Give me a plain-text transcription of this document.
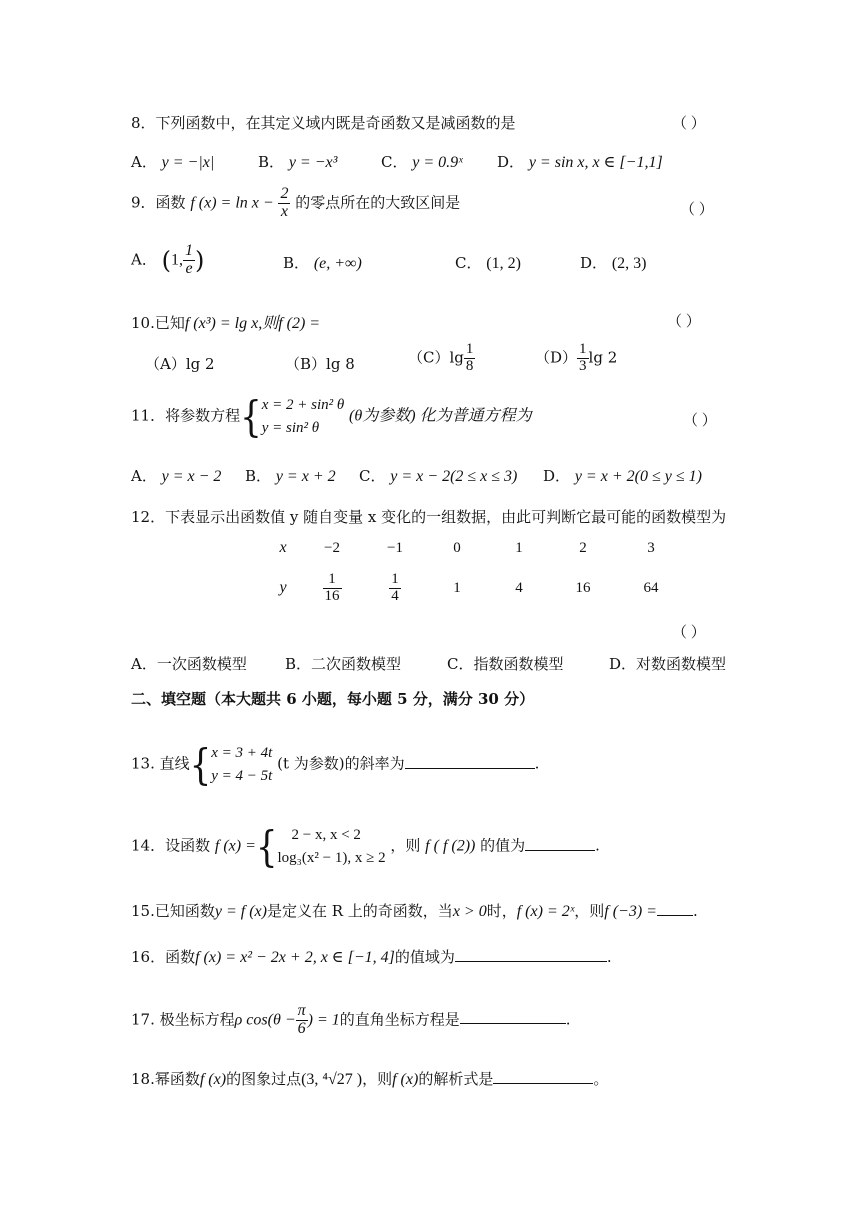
8．下列函数中，在其定义域内既是奇函数又是减函数的是	（ ）
A． y = −|x|	B． y = −x³	C． y = 0.9ˣ D． y = sin x, x ∈ [−1,1]
9．函数 f $(x) = \ln x - \frac{2}{x}$ 的零点所在的大致区间是	（ ）
A． (1, $\frac{1}{e}$ )	B． (e, +∞)	C． (1, 2)	D． (2, 3)
10.已知f (x³) = lg x,则f (2) =	（ ）
（A）lg 2	（B）lg 8	$(C)\lg \frac{1}{8}$	$(D) \frac{1}{3}$ lg 2
11．将参数方程{ x = 2 + sin² θ
y = sin² θ
(θ为参数) 化为普通方程为	（ ）
A． y = x − 2 B． y = x + 2 C． y = x − 2(2 ≤ x ≤ 3) D． y = x + 2(0 ≤ y ≤ 1)
12．下表显示出函数值 y 随自变量 x 变化的一组数据，由此可判断它最可能的函数模型为
x	−2	−1	0	1	2	3
y	$\frac{1}{16}$	$\frac{1}{4}$	1	4	16	64
（ ）
A．一次函数模型	B．二次函数模型	C．指数函数模型	D．对数函数模型
二、填空题（本大题共 6 小题，每小题 5 分，满分 30 分）
13. 直线{ x = 3 + 4t
y = 4 − 5t
(t 为参数)的斜率为	.
14．设函数 f (x) ={ 2 − x, x < 2
log₃(x² − 1), x ≥ 2
，则 f ( f (2)) 的值为	.
15.已知函数y = f (x)是定义在 R 上的奇函数，当x > 0时，f (x) = 2ˣ，则f (−3) = .
16．函数f (x) = x² − 2x + 2, x ∈ [−1, 4]的值域为	.
17. 极坐标方程ρ $\cos(\theta - \frac{\pi}{6}$ ) = 1的直角坐标方程是	.
18.幂函数f (x)的图象过点(3, ⁴√27 )，则f (x)的解析式是	。
